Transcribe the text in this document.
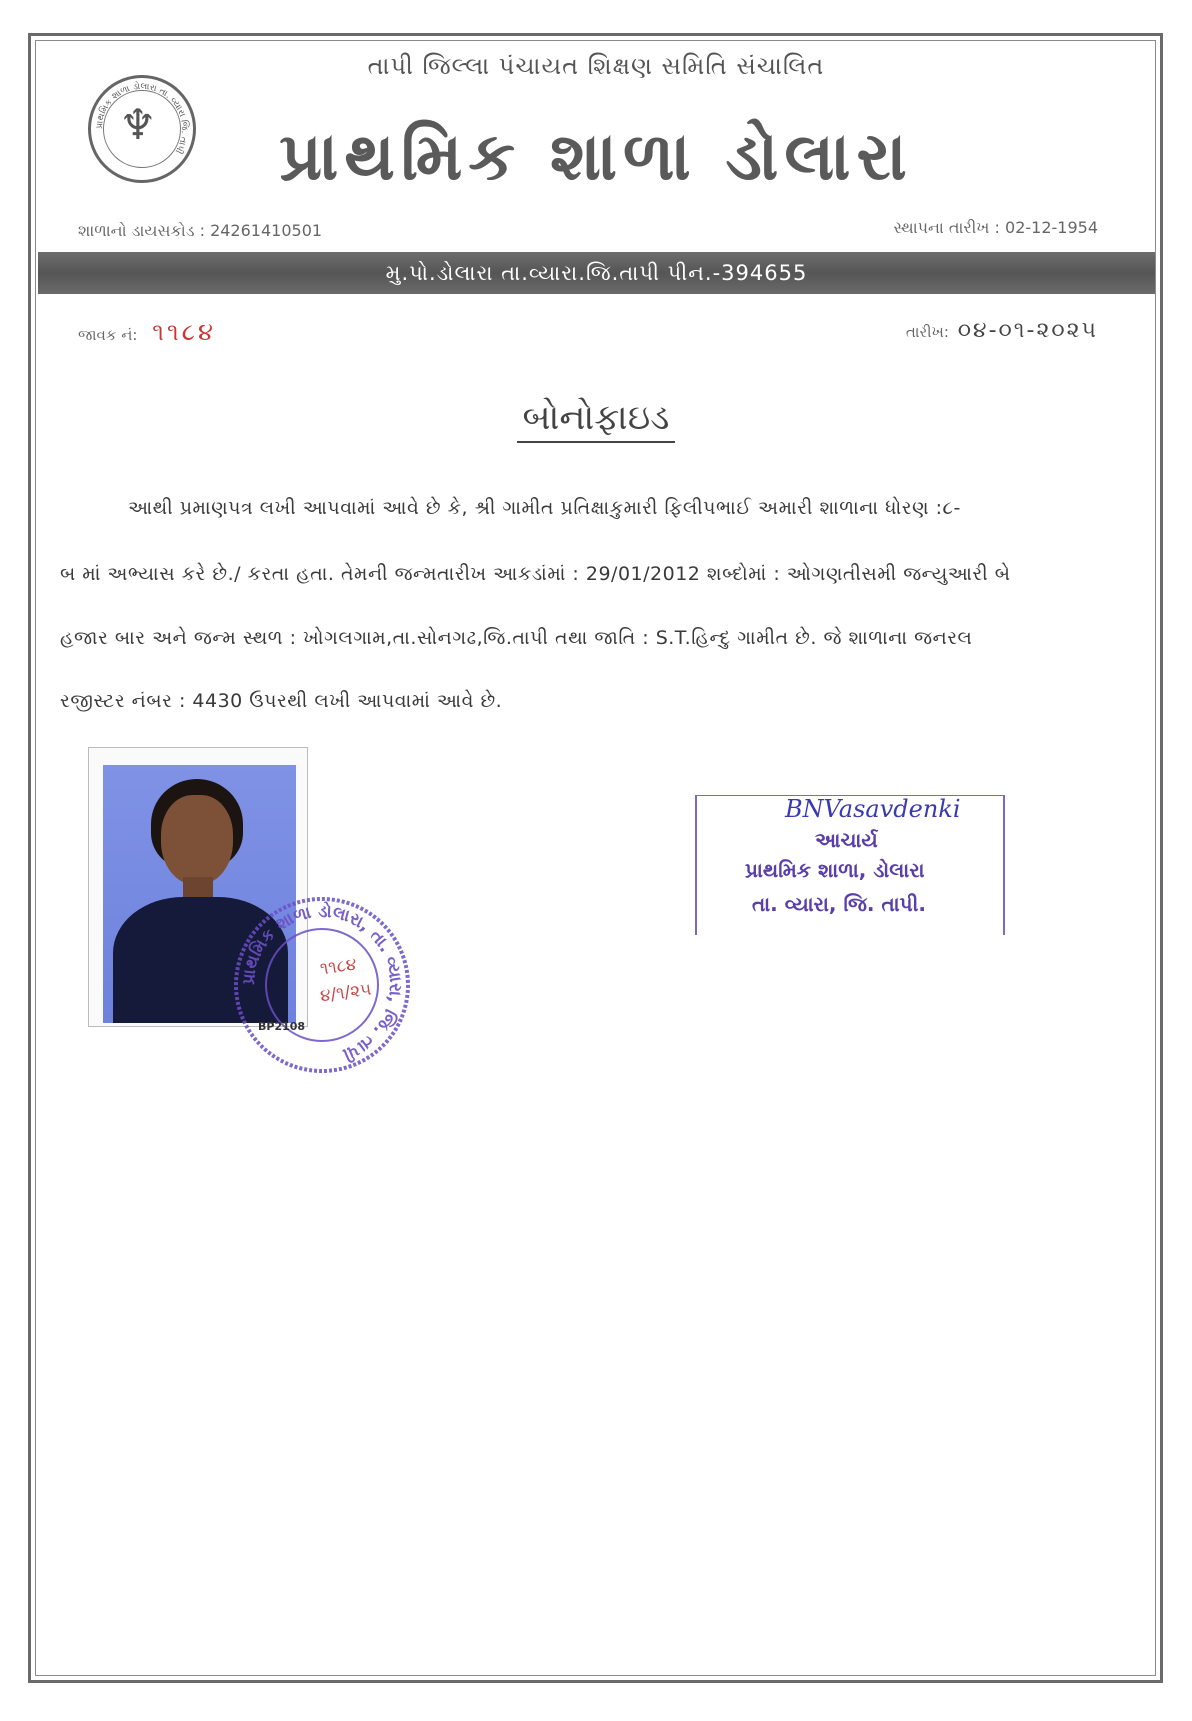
પ્રાથમિક શાળા ડોલારા તા. વ્યારા જિ. તાપી
♆
તાપી જિલ્લા પંચાયત શિક્ષણ સમિતિ સંચાલિત
પ્રાથમિક શાળા ડોલારા
શાળાનો ડાયસકોડ : 24261410501	સ્થાપના તારીખ : 02-12-1954
મુ.પો.ડોલારા તા.વ્યારા.જિ.તાપી પીન.-394655
જાવક નં: ૧૧૮૪	તારીખ: ૦૪-૦૧-૨૦૨૫
બોનોફાઇડ
આથી પ્રમાણપત્ર લખી આપવામાં આવે છે કે, શ્રી ગામીત પ્રતિક્ષાકુમારી ફિલીપભાઈ અમારી શાળાના ધોરણ :૮-
બ માં અભ્યાસ કરે છે./ કરતા હતા. તેમની જન્મતારીખ આકડાંમાં : 29/01/2012 શબ્દોમાં : ઓગણતીસમી જન્યુઆરી બે
હજાર બાર અને જન્મ સ્થળ : ખોગલગામ,તા.સોનગઢ,જિ.તાપી તથા જાતિ : S.T.હિન્દુ ગામીત છે. જે શાળાના જનરલ
રજીસ્ટર નંબર : 4430 ઉપરથી લખી આપવામાં આવે છે.
પ્રાથમિક શાળા ડોલારા, તા. વ્યારા, જિ. તાપી
૧૧૮૪
૪/૧/૨૫
BP2108
BNVasavdenki
આચાર્ય
પ્રાથમિક શાળા, ડોલારા
તા. વ્યારા, જિ. તાપી.
